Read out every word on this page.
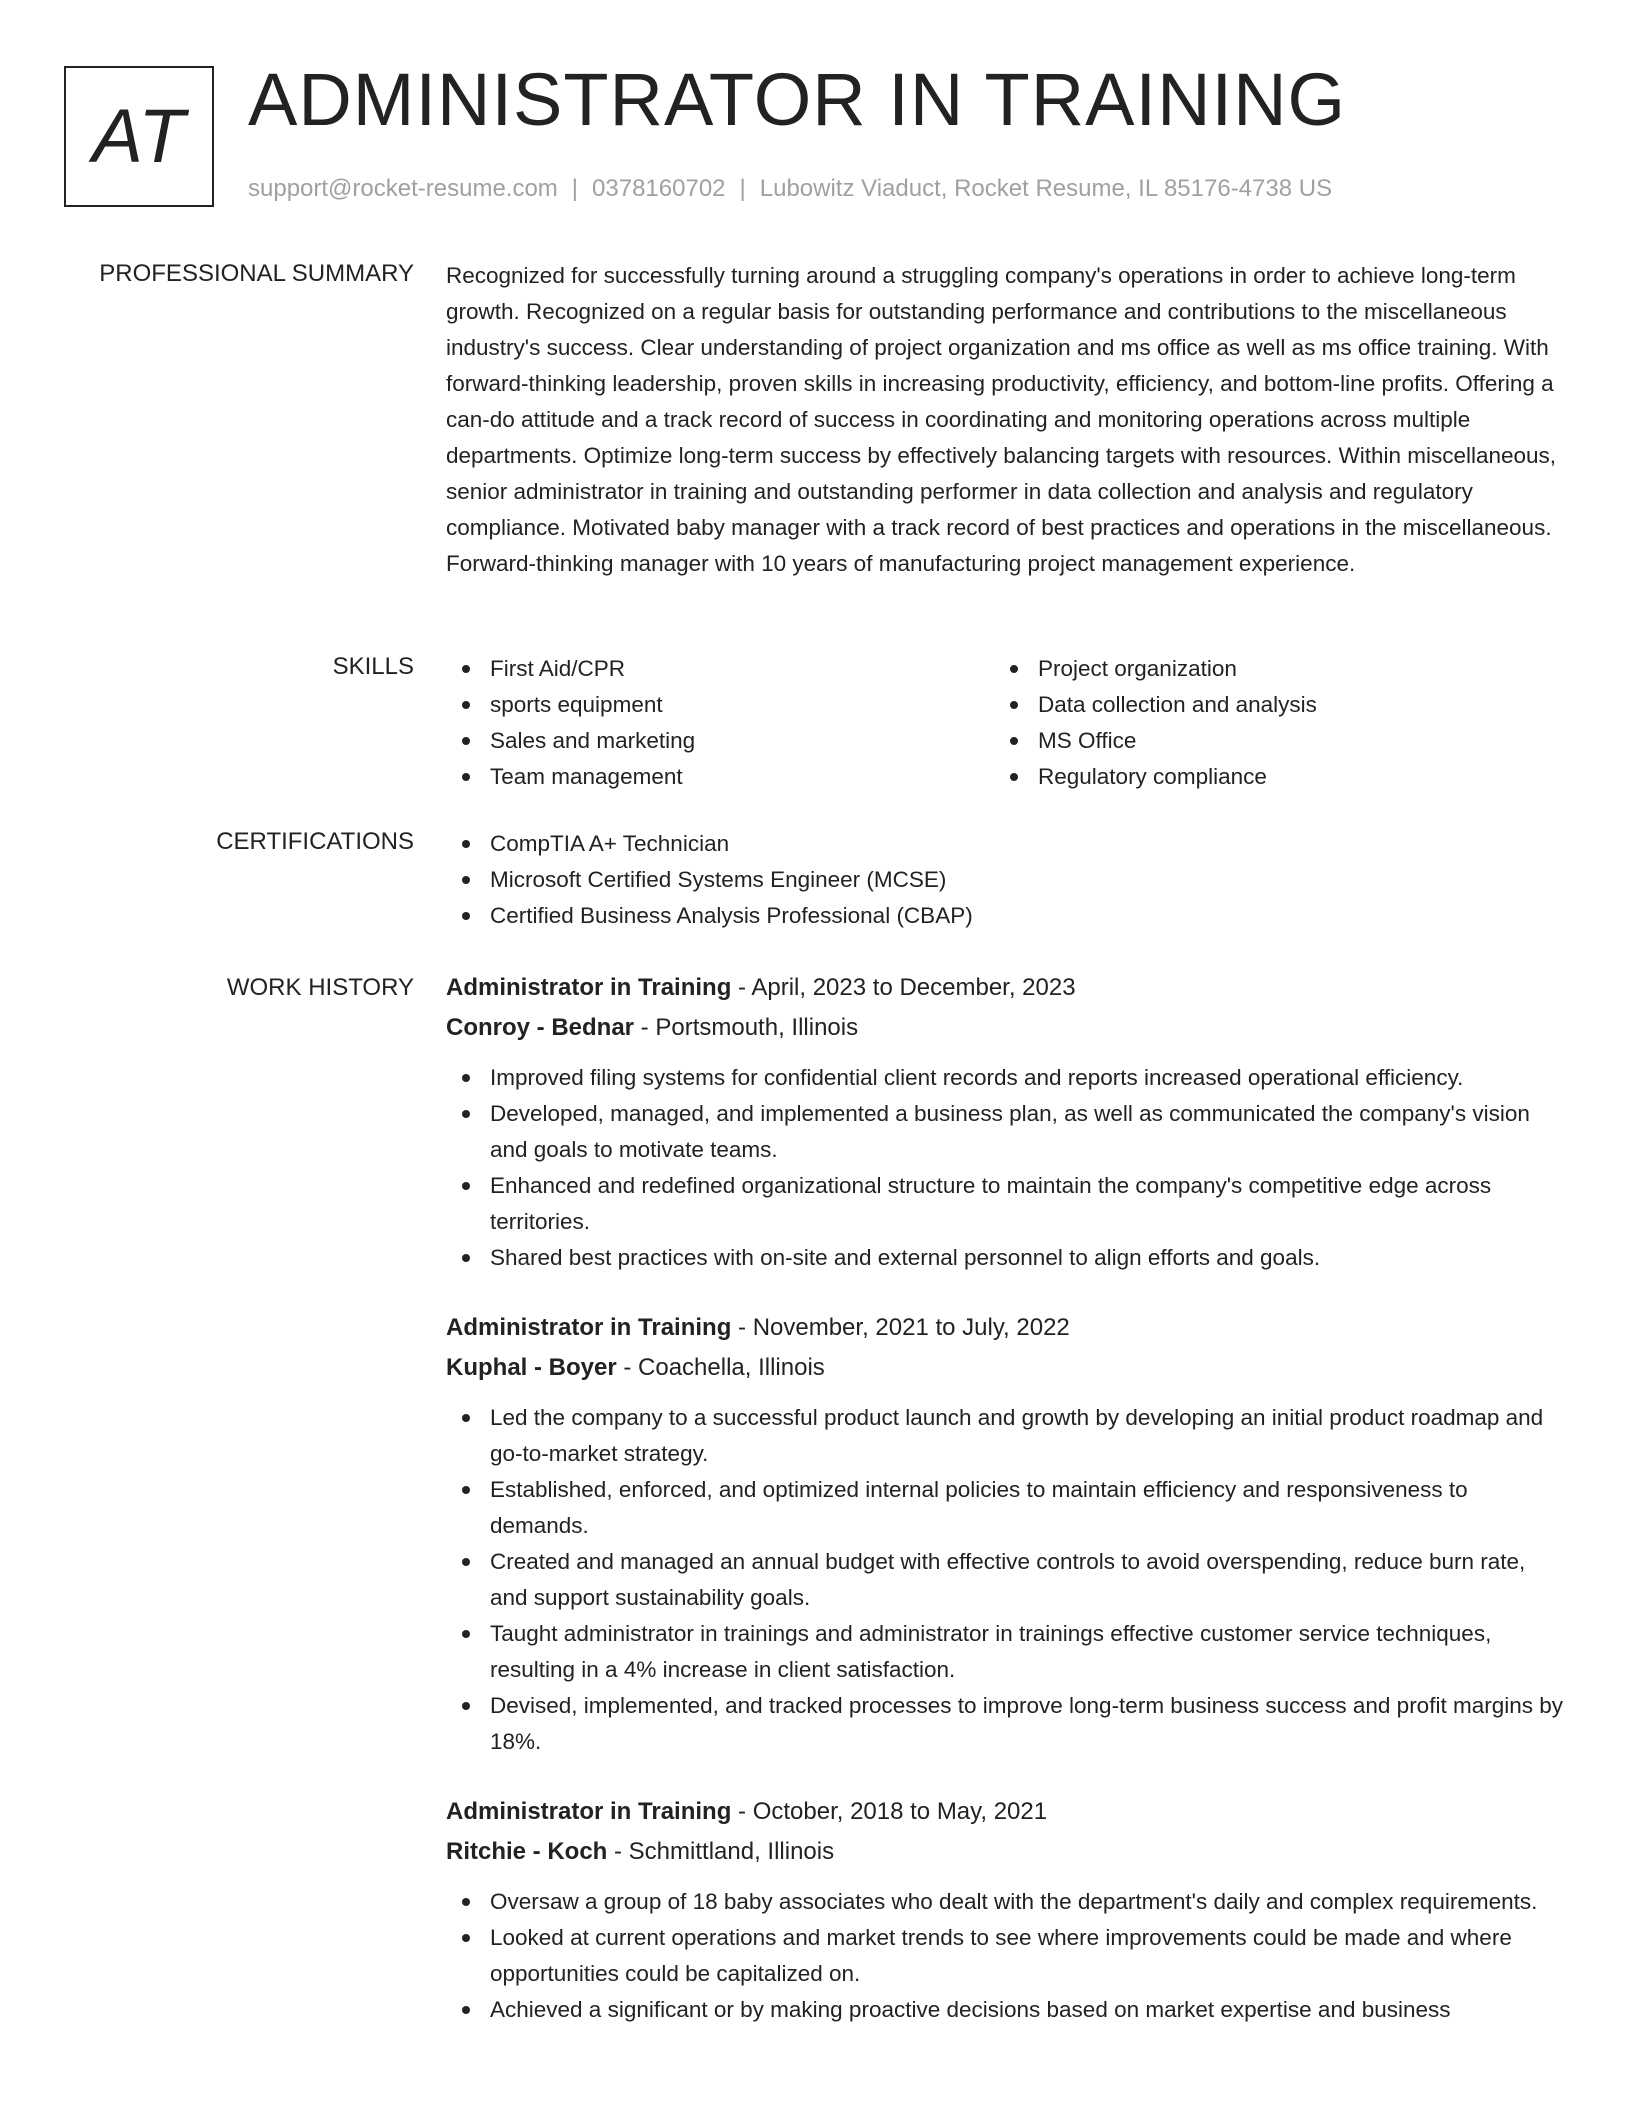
AT ADMINISTRATOR IN TRAINING
support@rocket-resume.com | 0378160702 | Lubowitz Viaduct, Rocket Resume, IL 85176-4738 US
PROFESSIONAL SUMMARY Recognized for successfully turning around a struggling company's operations in order to achieve long-term growth. Recognized on a regular basis for outstanding performance and contributions to the miscellaneous industry's success. Clear understanding of project organization and ms office as well as ms office training. With forward-thinking leadership, proven skills in increasing productivity, efficiency, and bottom-line profits. Offering a can-do attitude and a track record of success in coordinating and monitoring operations across multiple departments. Optimize long-term success by effectively balancing targets with resources. Within miscellaneous, senior administrator in training and outstanding performer in data collection and analysis and regulatory compliance. Motivated baby manager with a track record of best practices and operations in the miscellaneous. Forward-thinking manager with 10 years of manufacturing project management experience.

SKILLS	First Aid/CPR
sports equipment
Sales and marketing
Team management
Project organization
Data collection and analysis
MS Office
Regulatory compliance
CERTIFICATIONS	CompTIA A+ Technician
Microsoft Certified Systems Engineer (MCSE)
Certified Business Analysis Professional (CBAP)
WORK HISTORY Administrator in Training - April, 2023 to December, 2023
Conroy - Bednar - Portsmouth, Illinois
Improved filing systems for confidential client records and reports increased operational efficiency.
Developed, managed, and implemented a business plan, as well as communicated the company's vision and goals to motivate teams.
Enhanced and redefined organizational structure to maintain the company's competitive edge across territories.
Shared best practices with on-site and external personnel to align efforts and goals.
Administrator in Training - November, 2021 to July, 2022
Kuphal - Boyer - Coachella, Illinois
Led the company to a successful product launch and growth by developing an initial product roadmap and go-to-market strategy.
Established, enforced, and optimized internal policies to maintain efficiency and responsiveness to demands.
Created and managed an annual budget with effective controls to avoid overspending, reduce burn rate, and support sustainability goals.
Taught administrator in trainings and administrator in trainings effective customer service techniques, resulting in a 4% increase in client satisfaction.
Devised, implemented, and tracked processes to improve long-term business success and profit margins by 18%.
Administrator in Training - October, 2018 to May, 2021
Ritchie - Koch - Schmittland, Illinois
Oversaw a group of 18 baby associates who dealt with the department's daily and complex requirements.
Looked at current operations and market trends to see where improvements could be made and where opportunities could be capitalized on.
Achieved a significant or by making proactive decisions based on market expertise and business
